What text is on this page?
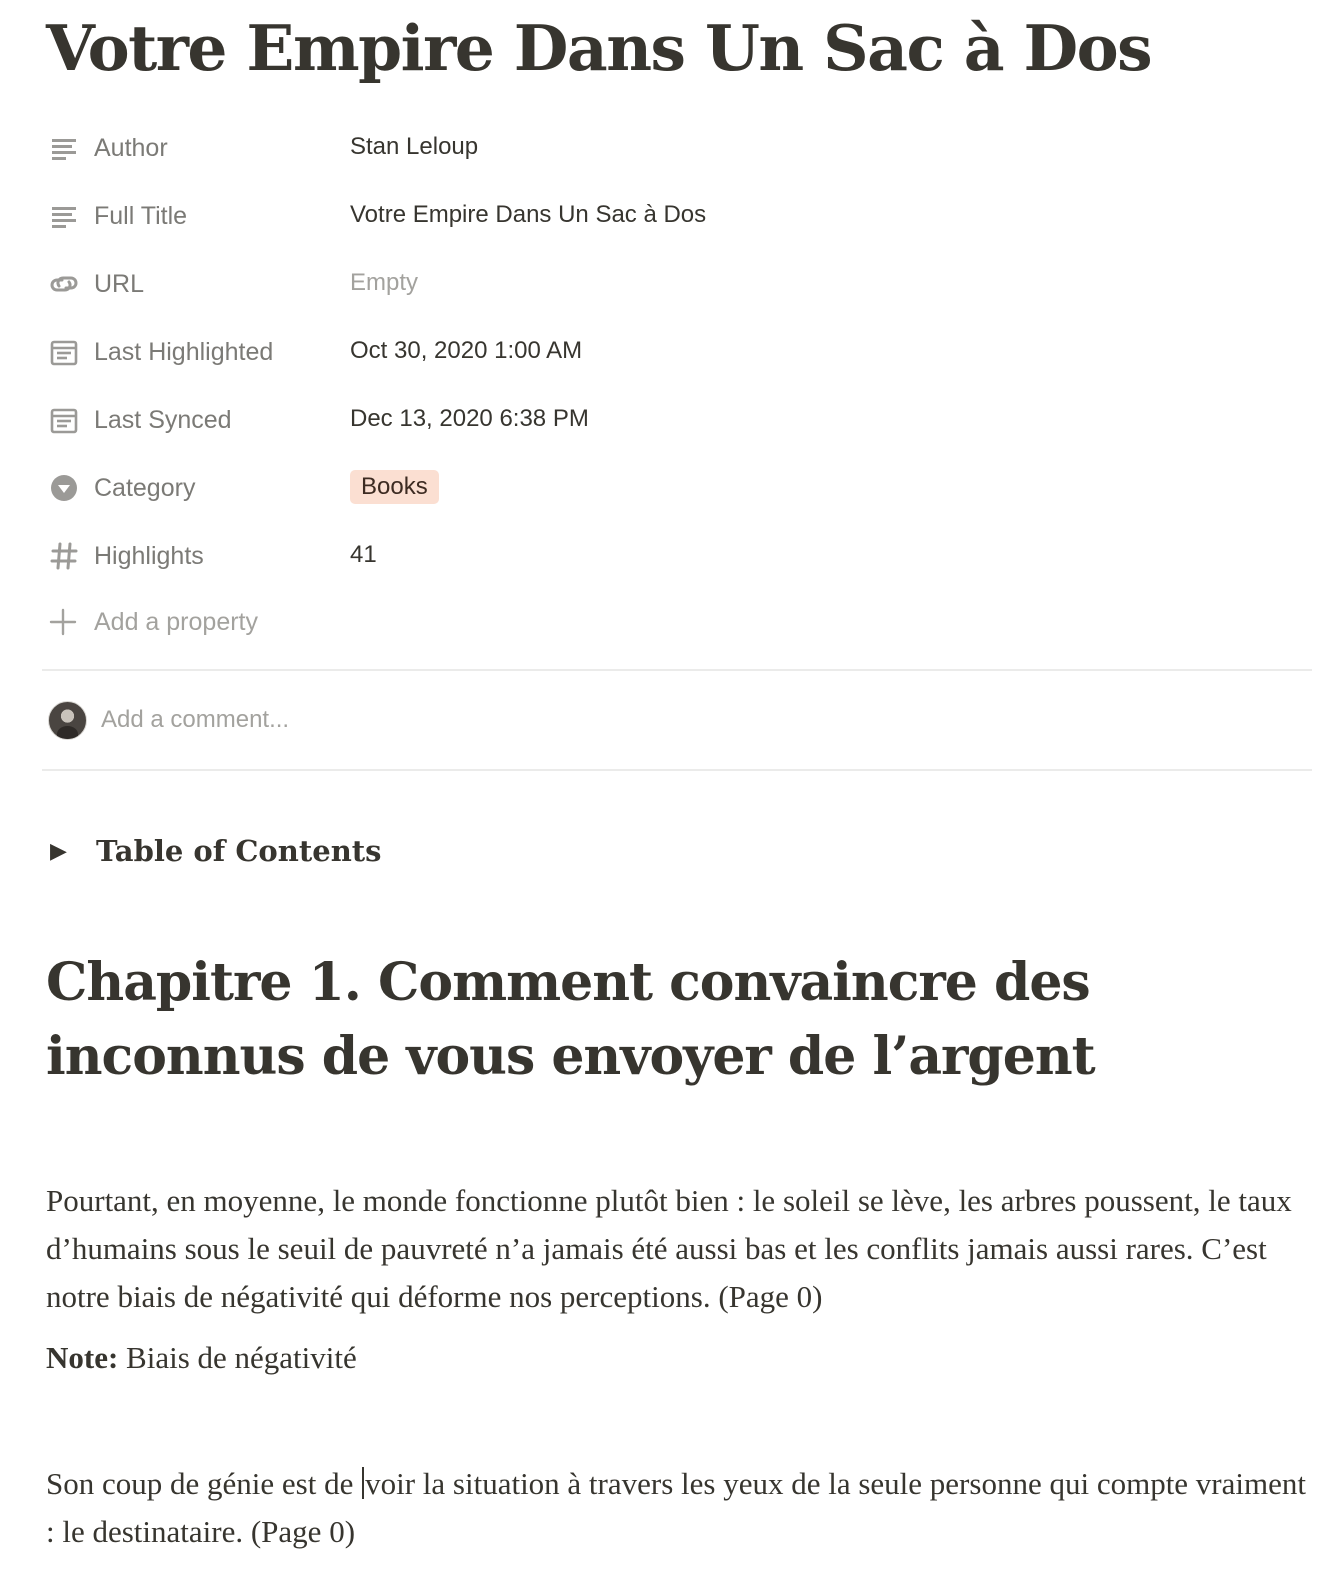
Votre Empire Dans Un Sac à Dos
Author	Stan Leloup
Full Title	Votre Empire Dans Un Sac à Dos
URL	Empty
Last Highlighted	Oct 30, 2020 1:00 AM
Last Synced	Dec 13, 2020 6:38 PM
Category	Books
Highlights	41
Add a property
Add a comment...
▶ Table of Contents
Chapitre 1. Comment convaincre des inconnus de vous envoyer de l’argent

Pourtant, en moyenne, le monde fonctionne plutôt bien : le soleil se lève, les arbres poussent, le taux d’humains sous le seuil de pauvreté n’a jamais été aussi bas et les conflits jamais aussi rares. C’est notre biais de négativité qui déforme nos perceptions. (Page 0)

Note: Biais de négativité

Son coup de génie est de voir la situation à travers les yeux de la seule personne qui compte vraiment : le destinataire. (Page 0)
